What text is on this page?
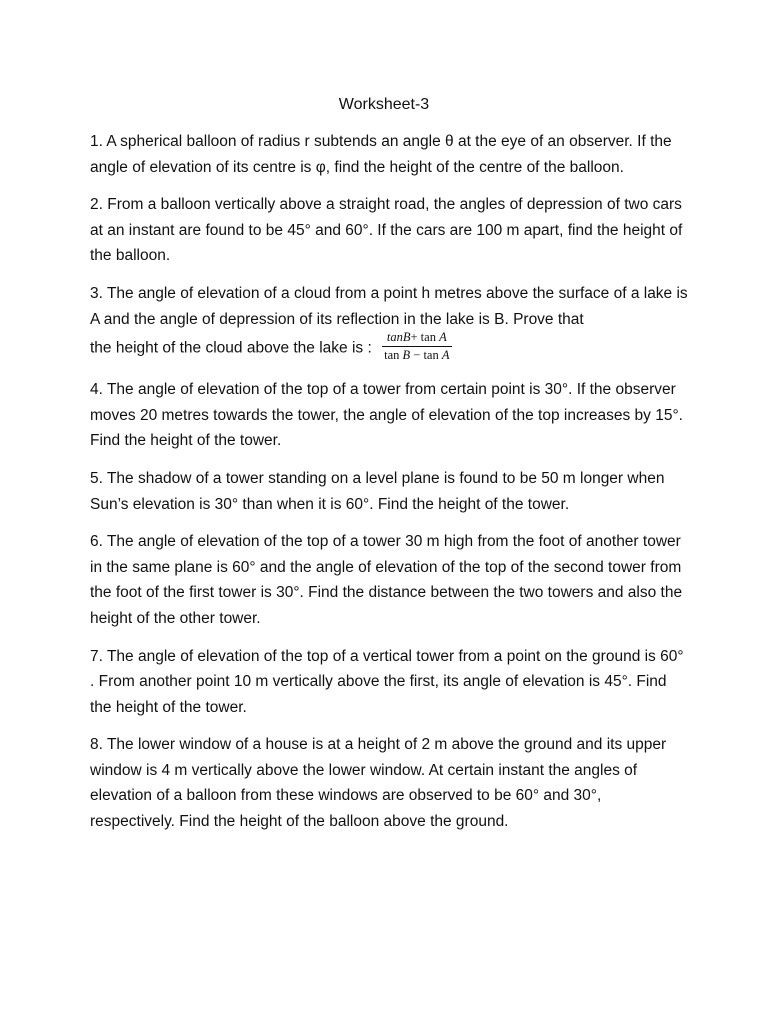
Worksheet-3

1. A spherical balloon of radius r subtends an angle θ at the eye of an observer. If the angle of elevation of its centre is φ, find the height of the centre of the balloon.

2. From a balloon vertically above a straight road, the angles of depression of two cars at an instant are found to be 45° and 60°. If the cars are 100 m apart, find the height of the balloon.

3. The angle of elevation of a cloud from a point h metres above the surface of a lake is A and the angle of depression of its reflection in the lake is B. Prove that
the height of the cloud above the lake is : $\frac{\text{tanB+ tan A}}{\text{tan B − tan A}}$

4. The angle of elevation of the top of a tower from certain point is 30°. If the observer moves 20 metres towards the tower, the angle of elevation of the top increases by 15°. Find the height of the tower.

5. The shadow of a tower standing on a level plane is found to be 50 m longer when Sun’s elevation is 30° than when it is 60°. Find the height of the tower.

6. The angle of elevation of the top of a tower 30 m high from the foot of another tower in the same plane is 60° and the angle of elevation of the top of the second tower from the foot of the first tower is 30°. Find the distance between the two towers and also the height of the other tower.

7. The angle of elevation of the top of a vertical tower from a point on the ground is 60° . From another point 10 m vertically above the first, its angle of elevation is 45°. Find the height of the tower.

8. The lower window of a house is at a height of 2 m above the ground and its upper window is 4 m vertically above the lower window. At certain instant the angles of elevation of a balloon from these windows are observed to be 60° and 30°, respectively. Find the height of the balloon above the ground.
